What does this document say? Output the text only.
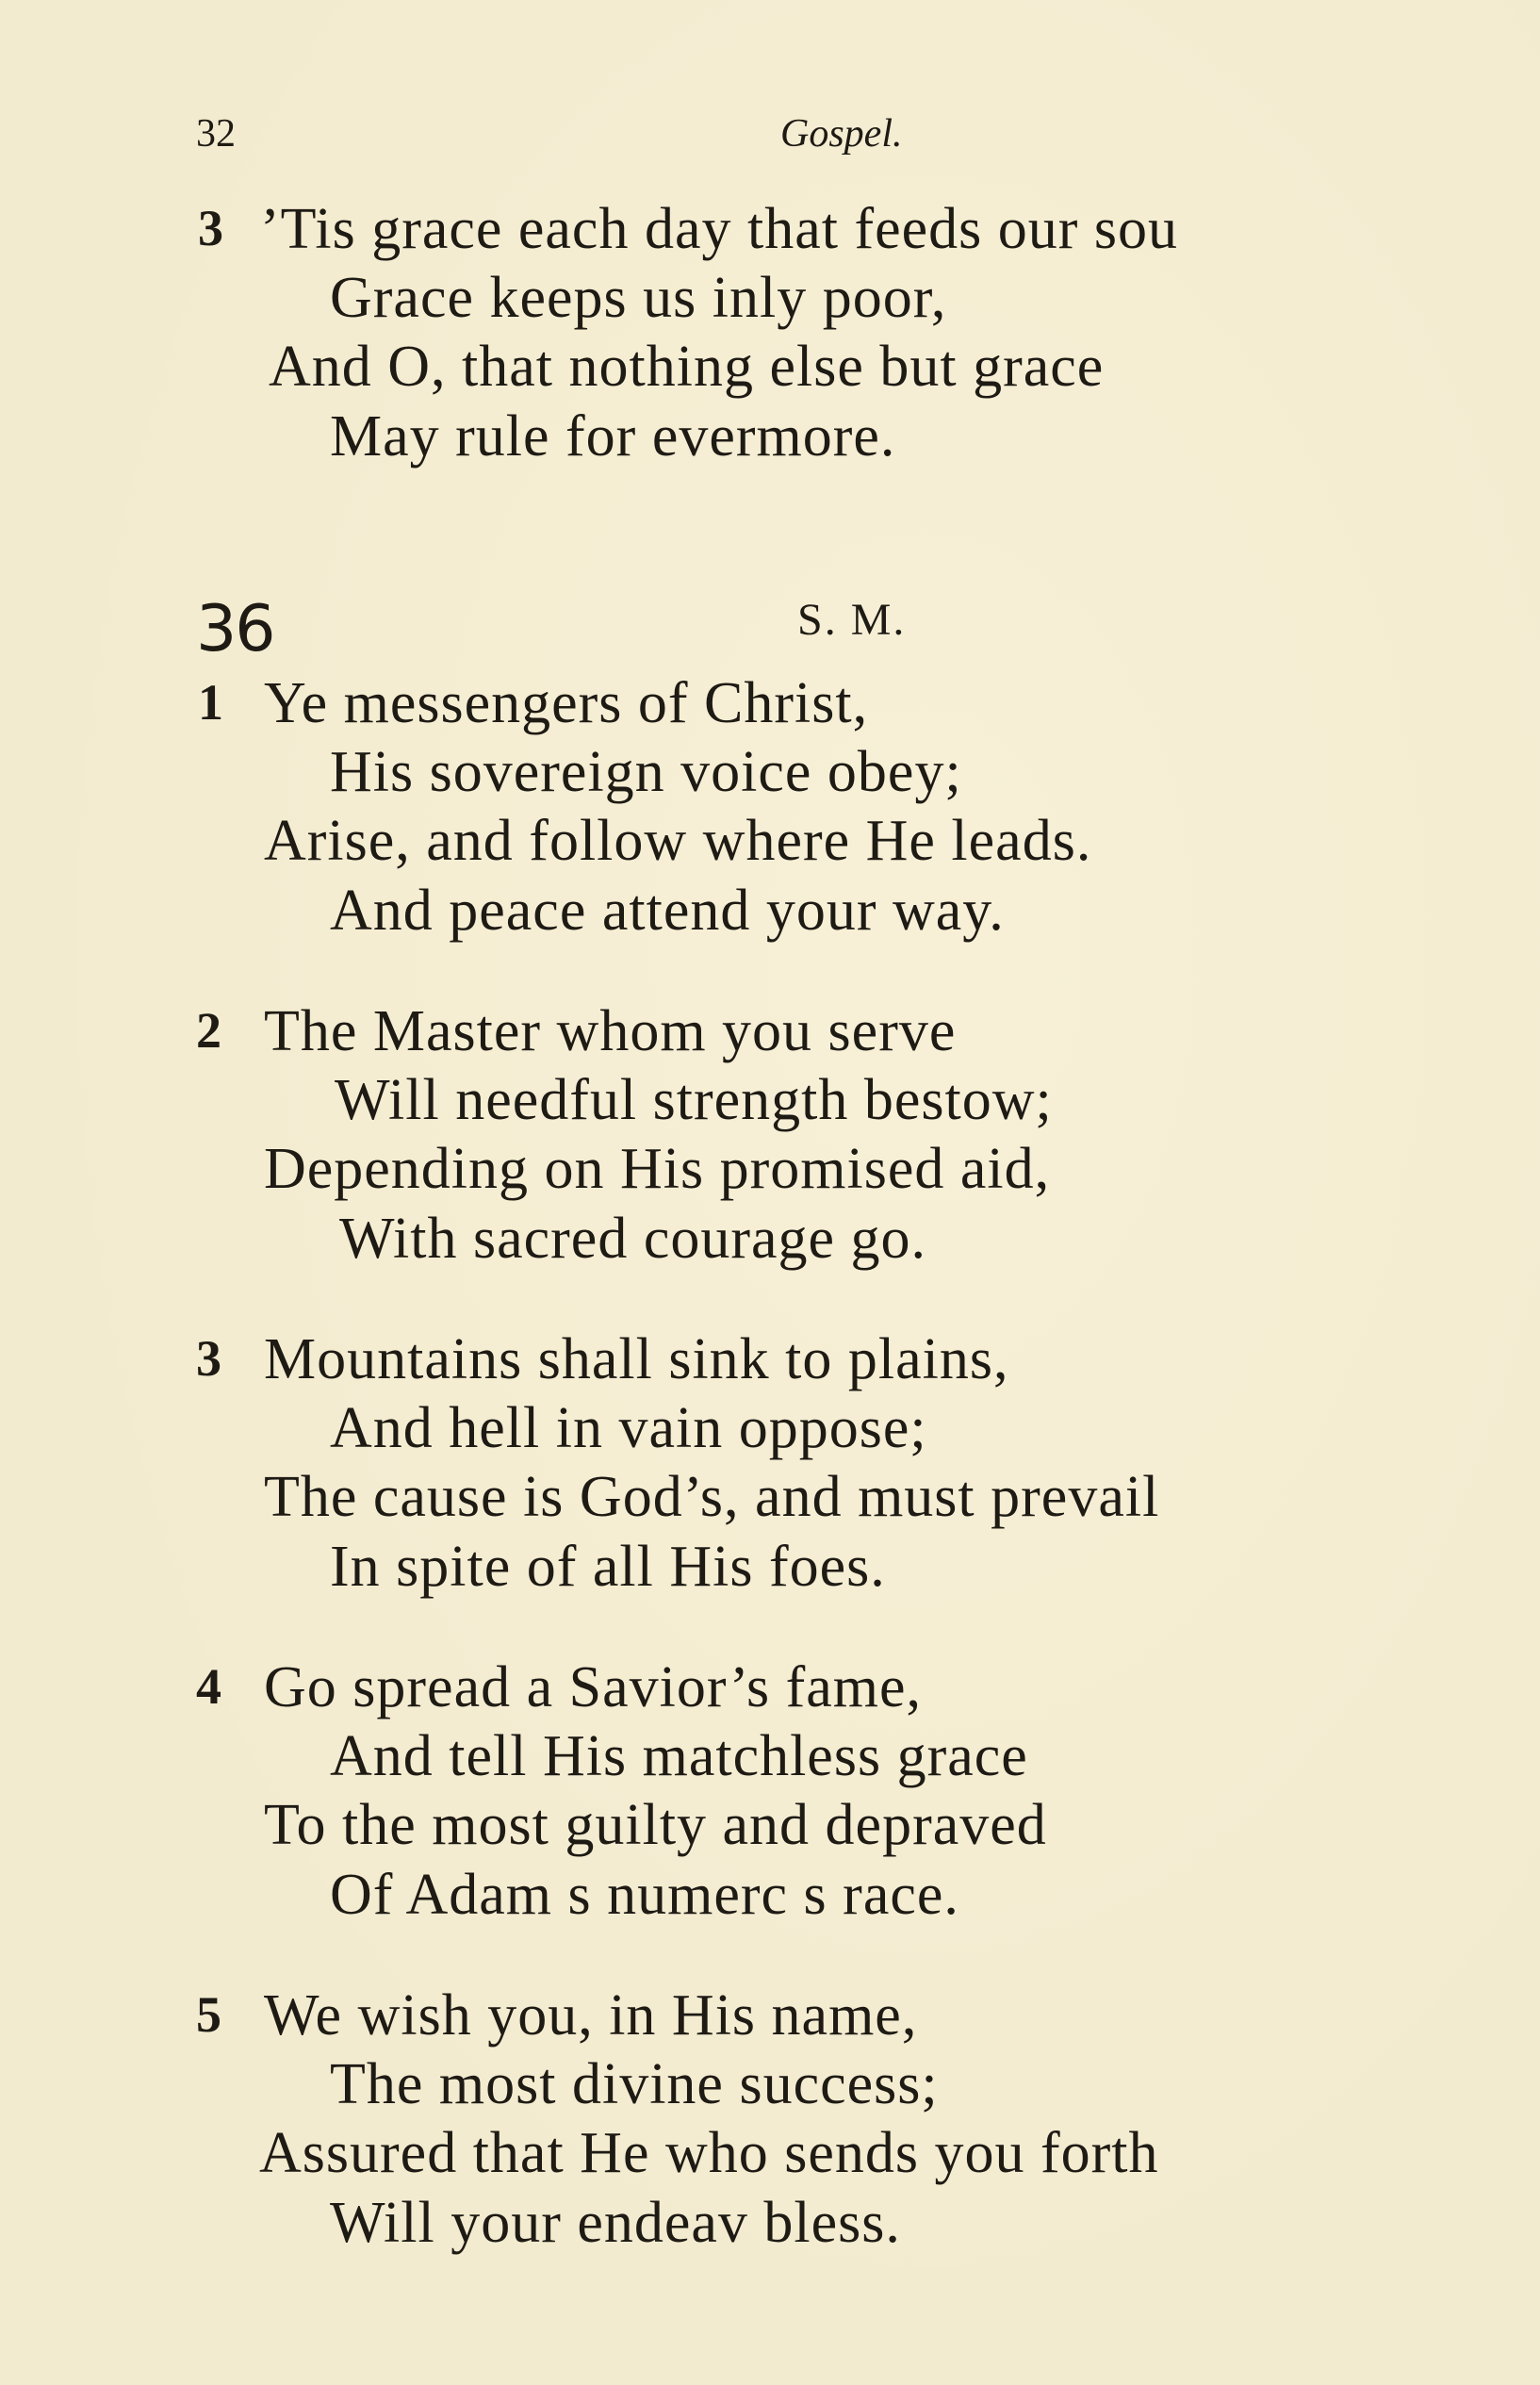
32	Gospel.
3 ’Tis grace each day that feeds our sou
Grace keeps us inly poor,
And O, that nothing else but grace
May rule for evermore.
36	S. M.
1 Ye messengers of Christ,
His sovereign voice obey;
Arise, and follow where He leads.
And peace attend your way.
2 The Master whom you serve
Will needful strength bestow;
Depending on His promised aid,
With sacred courage go.
3 Mountains shall sink to plains,
And hell in vain oppose;
The cause is God’s, and must prevail
In spite of all His foes.
4 Go spread a Savior’s fame,
And tell His matchless grace
To the most guilty and depraved
Of Adam s numerc s race.
5 We wish you, in His name,
The most divine success;
Assured that He who sends you forth
Will your endeav bless.
